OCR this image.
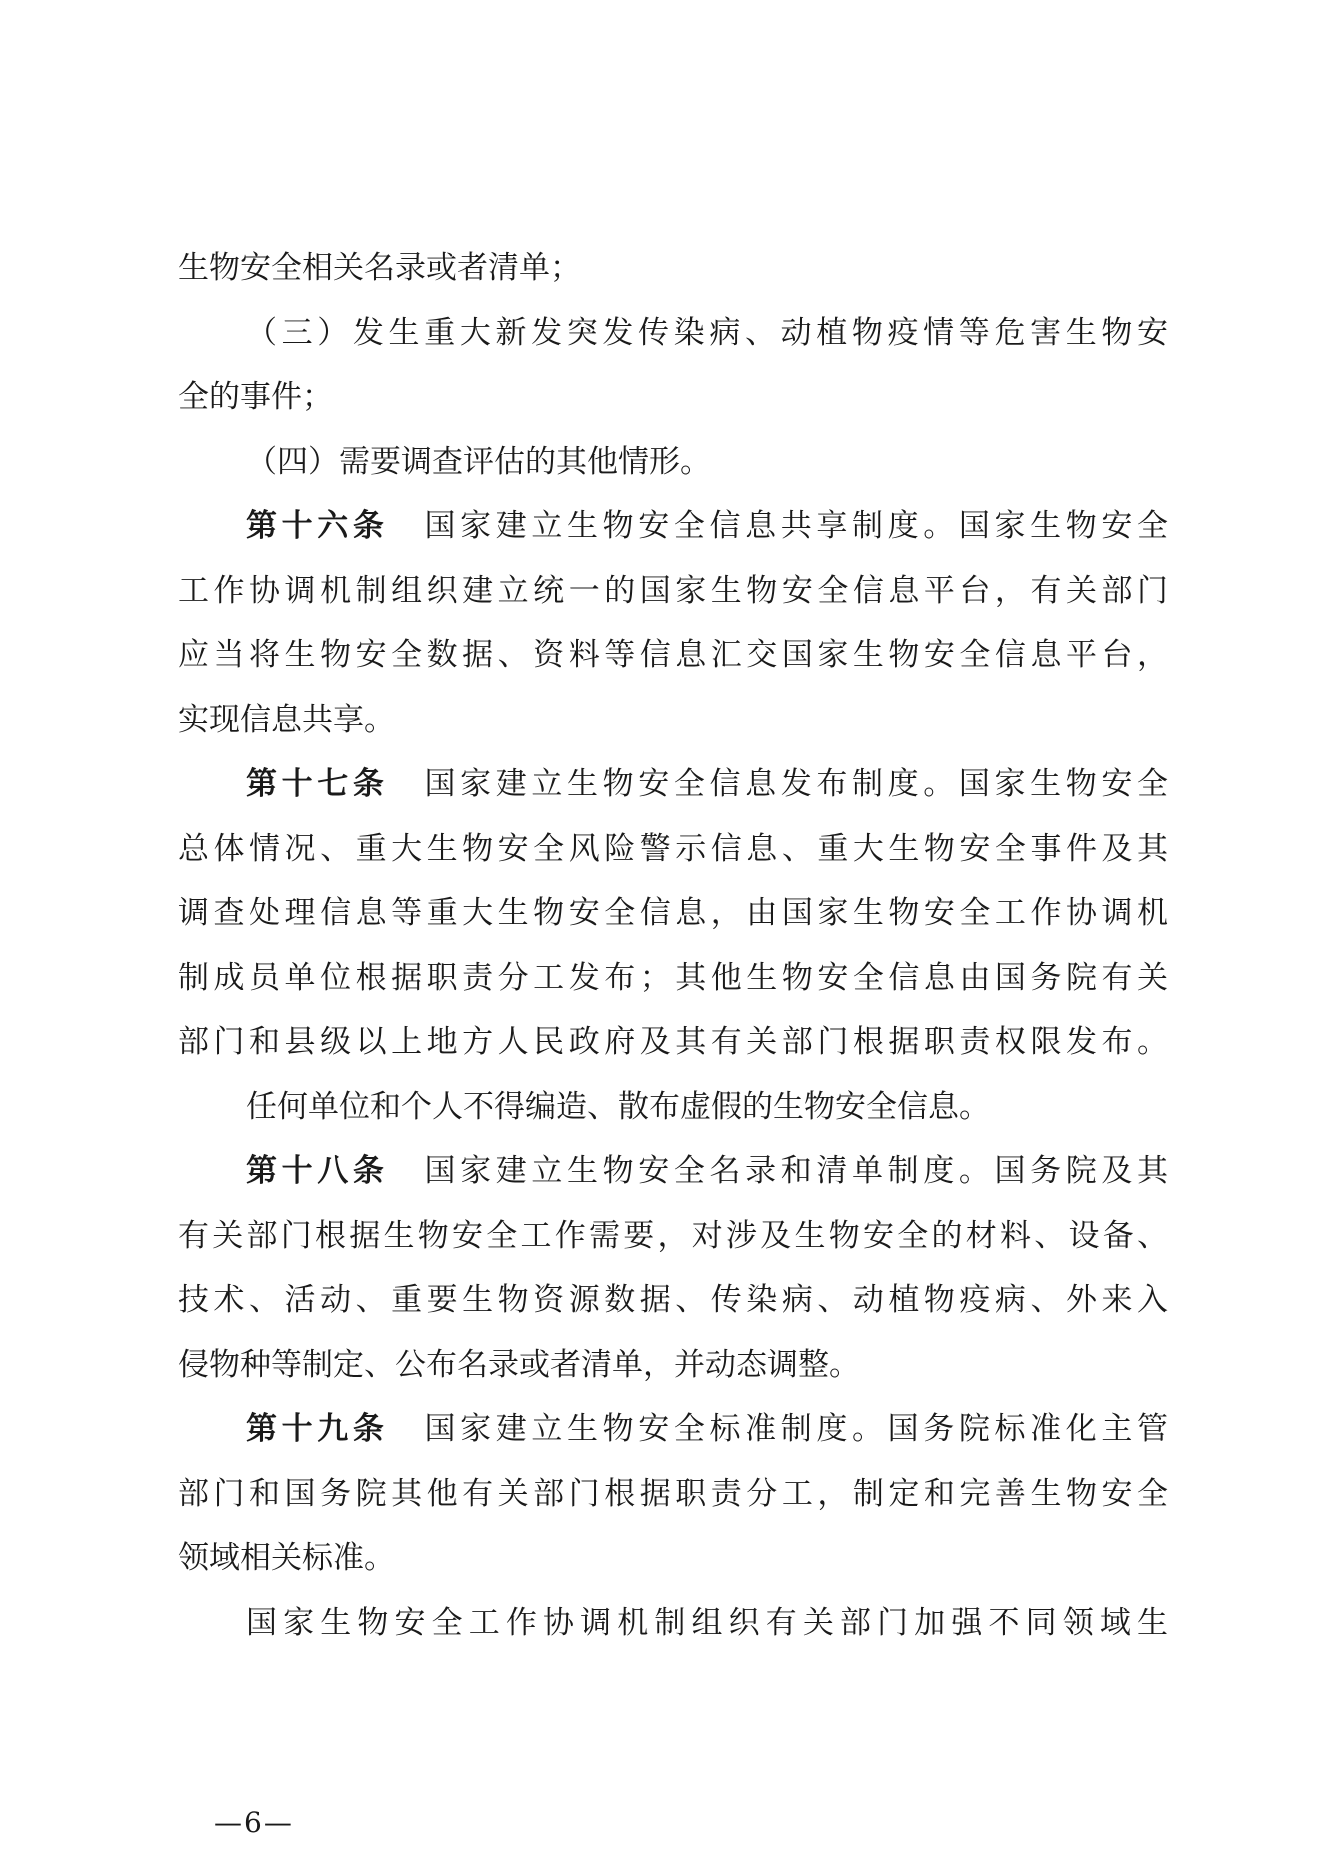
生物安全相关名录或者清单；
（三）发生重大新发突发传染病、动植物疫情等危害生物安
全的事件；
（四）需要调查评估的其他情形。
第十六条 国家建立生物安全信息共享制度。国家生物安全
工作协调机制组织建立统一的国家生物安全信息平台，有关部门
应当将生物安全数据、资料等信息汇交国家生物安全信息平台，
实现信息共享。
第十七条 国家建立生物安全信息发布制度。国家生物安全
总体情况、重大生物安全风险警示信息、重大生物安全事件及其
调查处理信息等重大生物安全信息，由国家生物安全工作协调机
制成员单位根据职责分工发布；其他生物安全信息由国务院有关
部门和县级以上地方人民政府及其有关部门根据职责权限发布。
任何单位和个人不得编造、散布虚假的生物安全信息。
第十八条 国家建立生物安全名录和清单制度。国务院及其
有关部门根据生物安全工作需要，对涉及生物安全的材料、设备、
技术、活动、重要生物资源数据、传染病、动植物疫病、外来入
侵物种等制定、公布名录或者清单，并动态调整。
第十九条 国家建立生物安全标准制度。国务院标准化主管
部门和国务院其他有关部门根据职责分工，制定和完善生物安全
领域相关标准。
国家生物安全工作协调机制组织有关部门加强不同领域生
—6—
